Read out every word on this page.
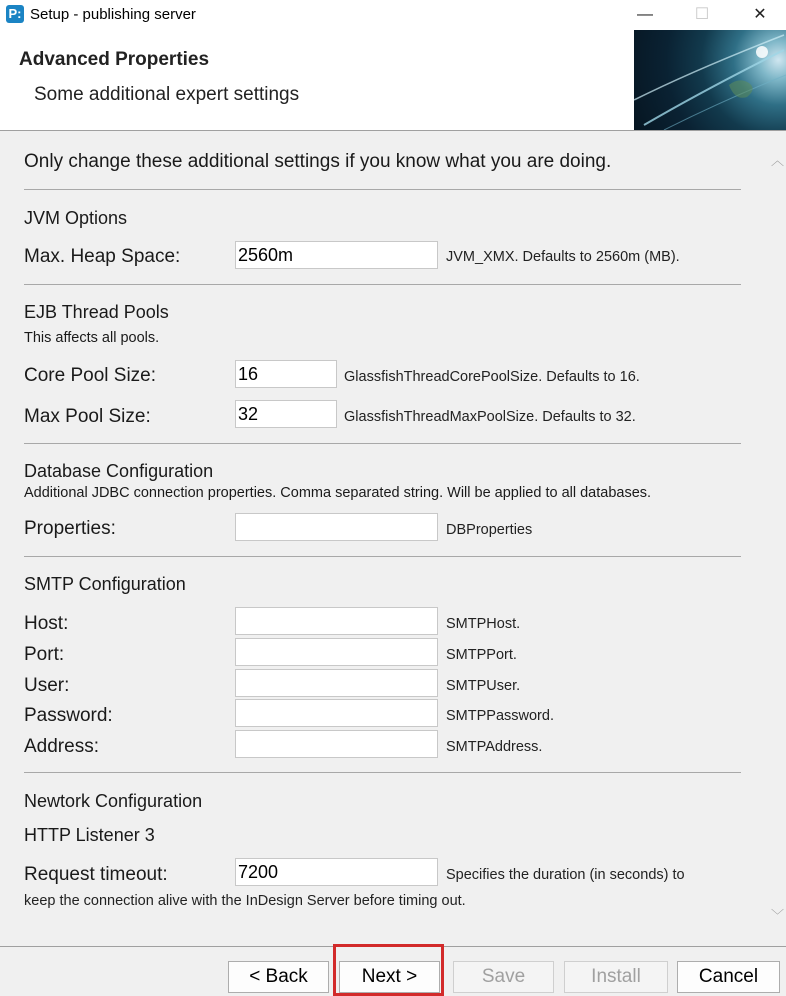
P: Setup - publishing server	—	☐	✕
Advanced Properties
Some additional expert settings
Only change these additional settings if you know what you are doing.
JVM Options
Max. Heap Space:
2560m	JVM_XMX. Defaults to 2560m (MB).
EJB Thread Pools
This affects all pools.
Core Pool Size:
16	GlassfishThreadCorePoolSize. Defaults to 16.
Max Pool Size:
32	GlassfishThreadMaxPoolSize. Defaults to 32.
Database Configuration
Additional JDBC connection properties. Comma separated string. Will be applied to all databases.
Properties:	DBProperties
SMTP Configuration
Host:	SMTPHost.
Port:	SMTPPort.
User:	SMTPUser.
Password:	SMTPPassword.
Address:	SMTPAddress.
Newtork Configuration
HTTP Listener 3
Request timeout:
7200	Specifies the duration (in seconds) to
keep the connection alive with the InDesign Server before timing out.
︿
﹀
< Back	Next >	Save	Install	Cancel
